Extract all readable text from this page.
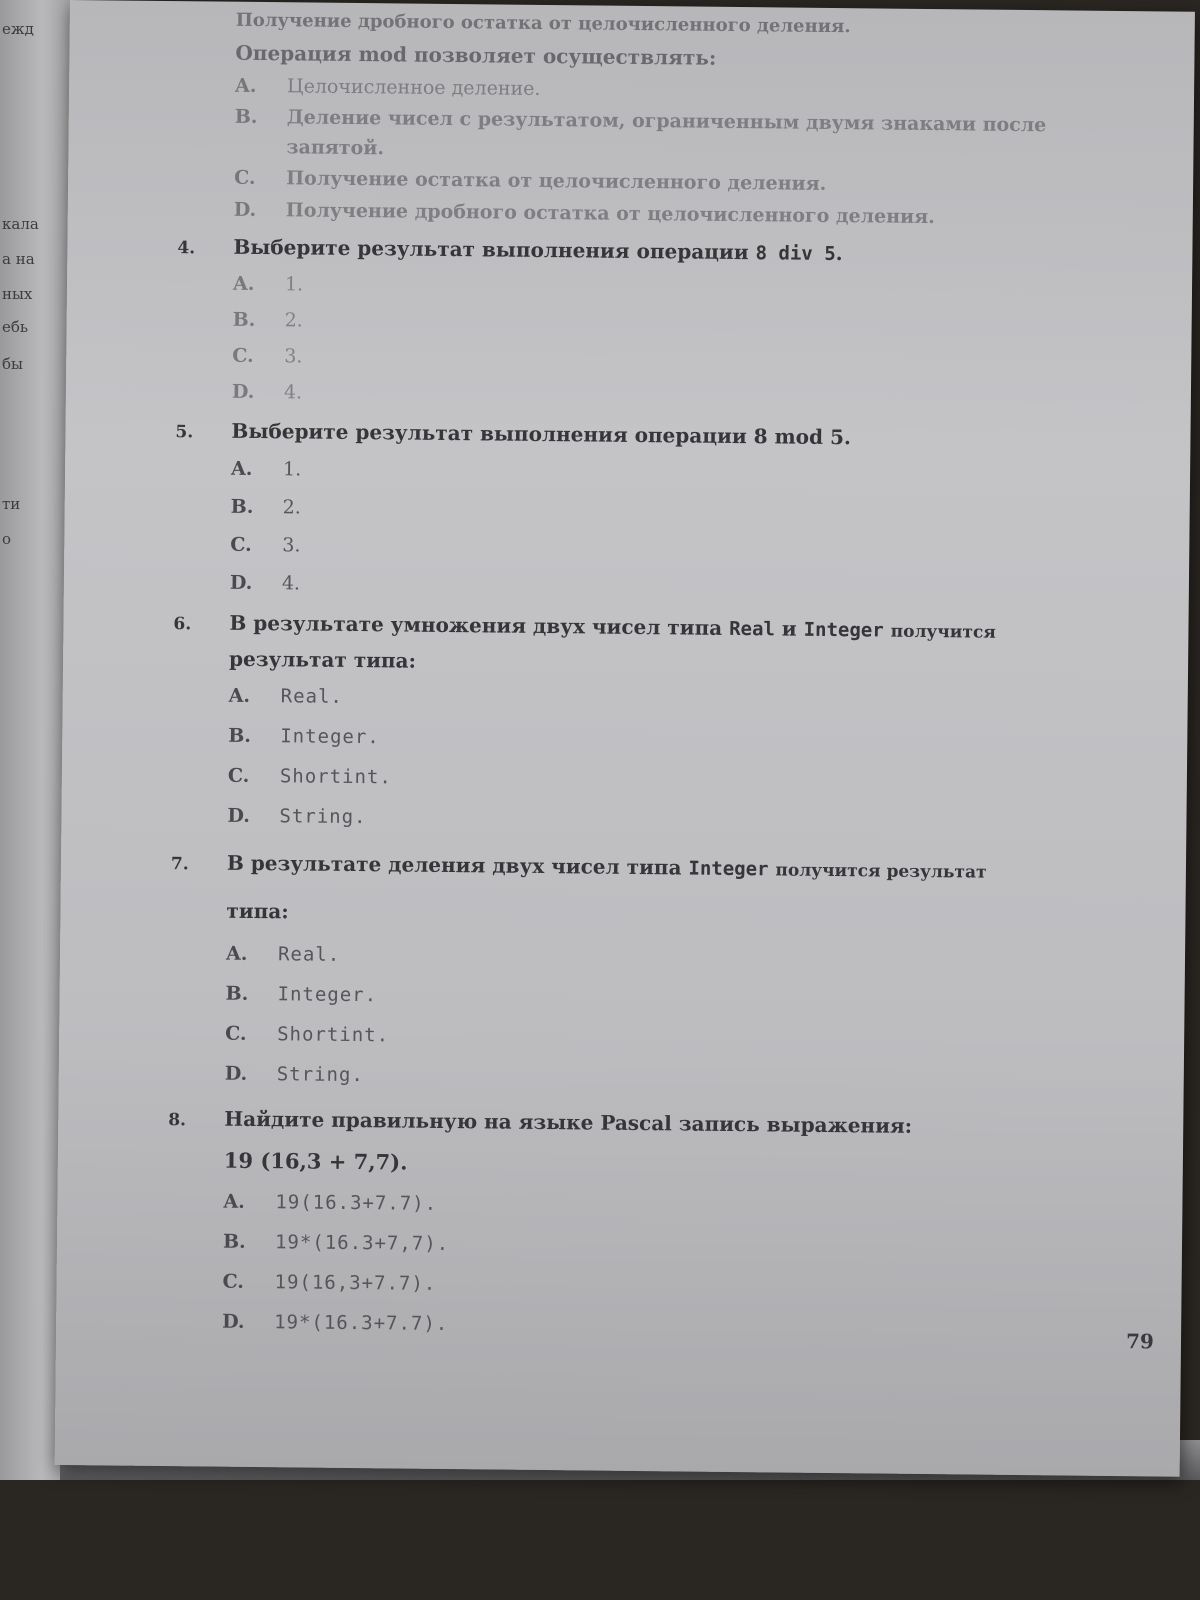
ежд
кала
а на
ных
ебь
бы
ти
о
Получение дробного остатка от целочисленного деления.
Операция mod позволяет осуществлять:
A.	Целочисленное деление.
B.	Деление чисел с результатом, ограниченным двумя знаками после запятой.
C.	Получение остатка от целочисленного деления.
D.	Получение дробного остатка от целочисленного деления.
4.	Выберите результат выполнения операции 8 div 5.
A.	1.
B.	2.
C.	3.
D.	4.
5.	Выберите результат выполнения операции 8 mod 5.
A.	1.
B.	2.
C.	3.
D.	4.
6.	В результате умножения двух чисел типа Real и Integer получится
результат типа:
A.	Real.
B.	Integer.
C.	Shortint.
D.	String.
7.	В результате деления двух чисел типа Integer получится результат
типа:
A.	Real.
B.	Integer.
C.	Shortint.
D.	String.
8.	Найдите правильную на языке Pascal запись выражения:
19 (16,3 + 7,7).
A.	19(16.3+7.7).
B.	19*(16.3+7,7).
C.	19(16,3+7.7).
D.	19*(16.3+7.7).
79
